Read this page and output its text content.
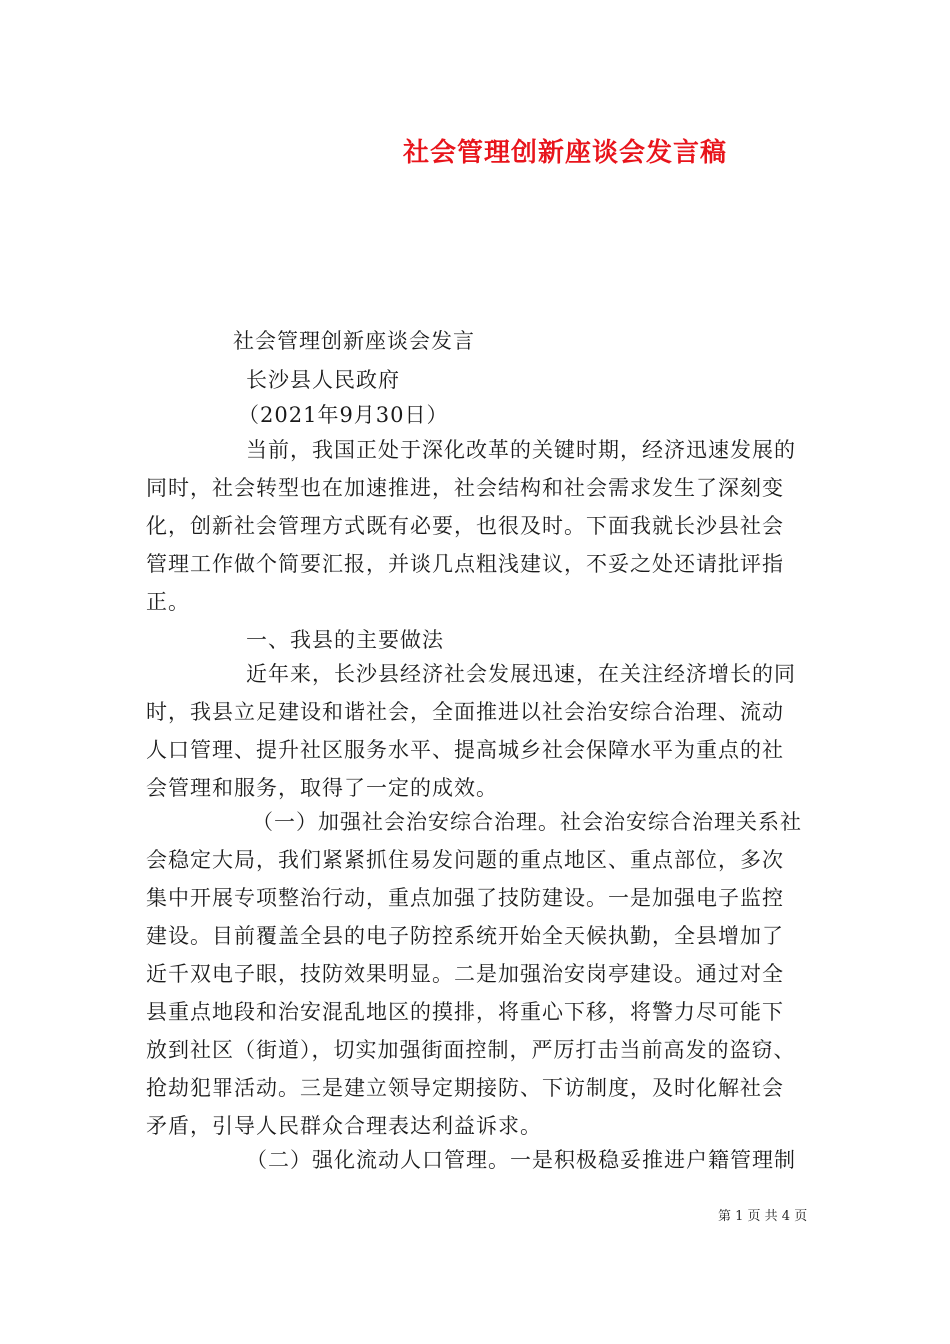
社会管理创新座谈会发言稿
社会管理创新座谈会发言
长沙县人民政府
（2021年9月30日）
当前，我国正处于深化改革的关键时期，经济迅速发展的
同时，社会转型也在加速推进，社会结构和社会需求发生了深刻变
化，创新社会管理方式既有必要，也很及时。下面我就长沙县社会
管理工作做个简要汇报，并谈几点粗浅建议，不妥之处还请批评指
正。
一、我县的主要做法
近年来，长沙县经济社会发展迅速，在关注经济增长的同
时，我县立足建设和谐社会，全面推进以社会治安综合治理、流动
人口管理、提升社区服务水平、提高城乡社会保障水平为重点的社
会管理和服务，取得了一定的成效。
（一）加强社会治安综合治理。社会治安综合治理关系社
会稳定大局，我们紧紧抓住易发问题的重点地区、重点部位，多次
集中开展专项整治行动，重点加强了技防建设。一是加强电子监控
建设。目前覆盖全县的电子防控系统开始全天候执勤，全县增加了
近千双电子眼，技防效果明显。二是加强治安岗亭建设。通过对全
县重点地段和治安混乱地区的摸排，将重心下移，将警力尽可能下
放到社区（街道），切实加强街面控制，严厉打击当前高发的盗窃、
抢劫犯罪活动。三是建立领导定期接防、下访制度，及时化解社会
矛盾，引导人民群众合理表达利益诉求。
（二）强化流动人口管理。一是积极稳妥推进户籍管理制
第 1 页 共 4 页
